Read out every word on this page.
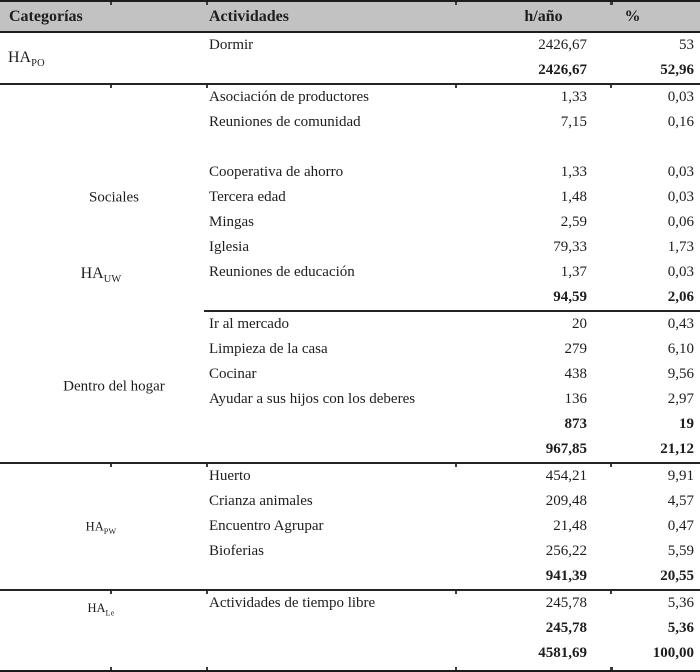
Categorías	Actividades	h/año	%
$HA_{PO}$
Dormir	2426,67	53
2426,67	52,96
$HA_{UW}$
Sociales
Asociación de productores	1,33	0,03
Reuniones de comunidad	7,15	0,16
Cooperativa de ahorro	1,33	0,03
Tercera edad	1,48	0,03
Mingas	2,59	0,06
Iglesia	79,33	1,73
Reuniones de educación	1,37	0,03
94,59	2,06
Dentro del hogar
Ir al mercado	20	0,43
Limpieza de la casa	279	6,10
Cocinar	438	9,56
Ayudar a sus hijos con los deberes	136	2,97
873	19
967,85	21,12
$HA_{PW}$
Huerto	454,21	9,91
Crianza animales	209,48	4,57
Encuentro Agrupar	21,48	0,47
Bioferias	256,22	5,59
941,39	20,55
$HA_{Le}$
Actividades de tiempo libre	245,78	5,36
245,78	5,36
4581,69	100,00
